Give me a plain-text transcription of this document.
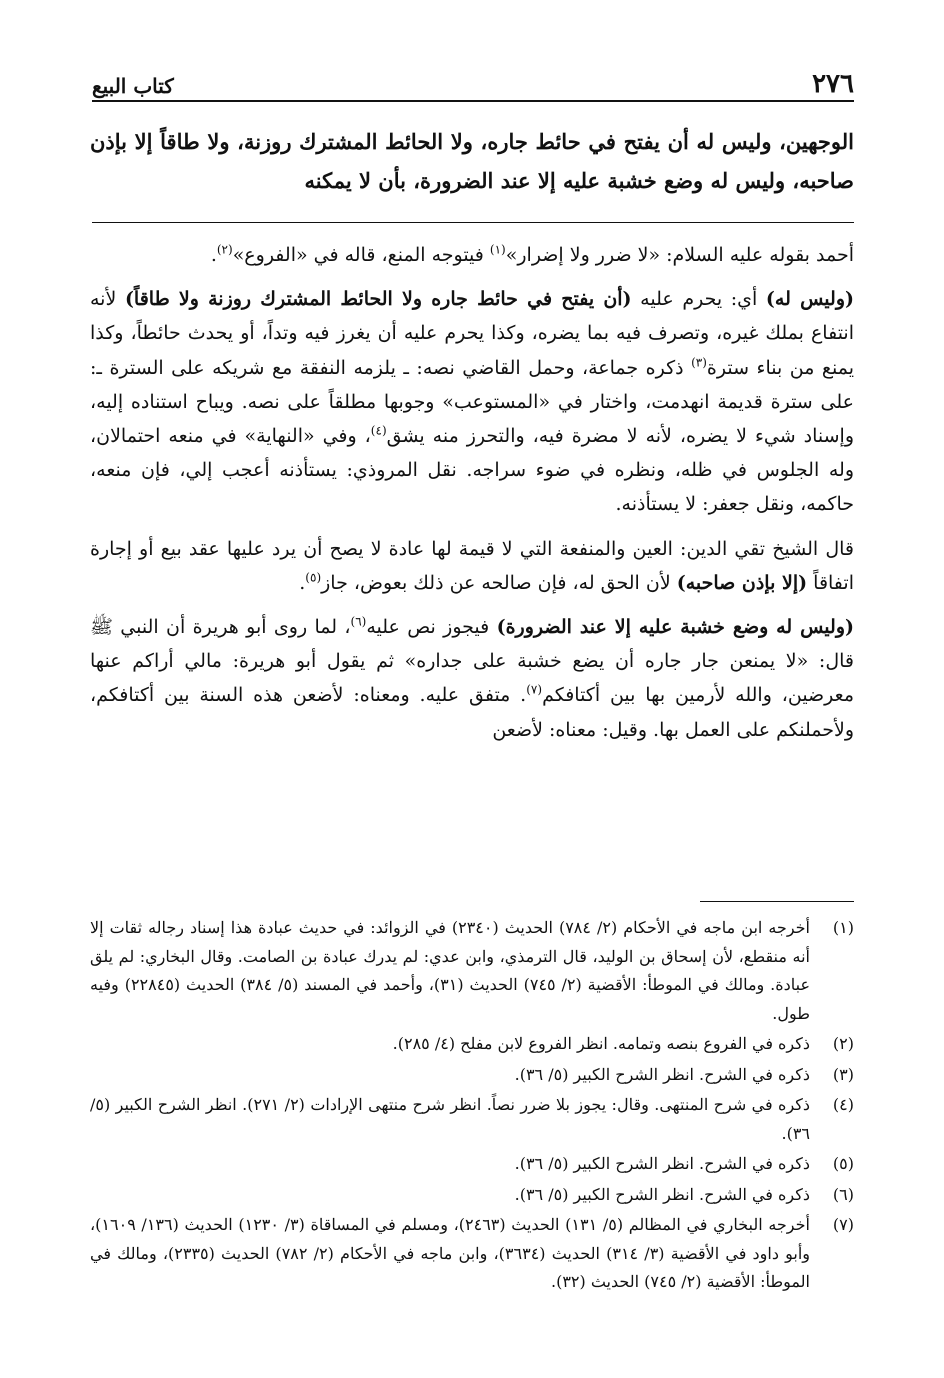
٢٧٦
كتاب البيع
الوجهين، وليس له أن يفتح في حائط جاره، ولا الحائط المشترك روزنة، ولا طاقاً إلا بإذن صاحبه، وليس له وضع خشبة عليه إلا عند الضرورة، بأن لا يمكنه

أحمد بقوله عليه السلام: «لا ضرر ولا إضرار»$^{(١)}$ فيتوجه المنع، قاله في «الفروع»$^{(٢)}$.

(وليس له) أي: يحرم عليه (أن يفتح في حائط جاره ولا الحائط المشترك روزنة ولا طاقاً) لأنه انتفاع بملك غيره، وتصرف فيه بما يضره، وكذا يحرم عليه أن يغرز فيه وتداً، أو يحدث حائطاً، وكذا يمنع من بناء سترة$^{(٣)}$ ذكره جماعة، وحمل القاضي نصه: ـ يلزمه النفقة مع شريكه على السترة ـ: على سترة قديمة انهدمت، واختار في «المستوعب» وجوبها مطلقاً على نصه. ويباح استناده إليه، وإسناد شيء لا يضره، لأنه لا مضرة فيه، والتحرز منه يشق$^{(٤)}$، وفي «النهاية» في منعه احتمالان، وله الجلوس في ظله، ونظره في ضوء سراجه. نقل المروذي: يستأذنه أعجب إلي، فإن منعه، حاكمه، ونقل جعفر: لا يستأذنه.

قال الشيخ تقي الدين: العين والمنفعة التي لا قيمة لها عادة لا يصح أن يرد عليها عقد بيع أو إجارة اتفاقاً (إلا بإذن صاحبه) لأن الحق له، فإن صالحه عن ذلك بعوض، جاز$^{(٥)}$.

(وليس له وضع خشبة عليه إلا عند الضرورة) فيجوز نص عليه$^{(٦)}$، لما روى أبو هريرة أن النبي ﷺ قال: «لا يمنعن جار جاره أن يضع خشبة على جداره» ثم يقول أبو هريرة: مالي أراكم عنها معرضين، والله لأرمين بها بين أكتافكم$^{(٧)}$. متفق عليه. ومعناه: لأضعن هذه السنة بين أكتافكم، ولأحملنكم على العمل بها. وقيل: معناه: لأضعن

(١)
أخرجه ابن ماجه في الأحكام (٢/ ٧٨٤) الحديث (٢٣٤٠) في الزوائد: في حديث عبادة هذا إسناد رجاله ثقات إلا أنه منقطع، لأن إسحاق بن الوليد، قال الترمذي، وابن عدي: لم يدرك عبادة بن الصامت. وقال البخاري: لم يلق عبادة. ومالك في الموطأ: الأقضية (٢/ ٧٤٥) الحديث (٣١)، وأحمد في المسند (٥/ ٣٨٤) الحديث (٢٢٨٤٥) وفيه طول.
(٢)
ذكره في الفروع بنصه وتمامه. انظر الفروع لابن مفلح (٤/ ٢٨٥).
(٣)
ذكره في الشرح. انظر الشرح الكبير (٥/ ٣٦).
(٤)
ذكره في شرح المنتهى. وقال: يجوز بلا ضرر نصاً. انظر شرح منتهى الإرادات (٢/ ٢٧١). انظر الشرح الكبير (٥/ ٣٦).
(٥)
ذكره في الشرح. انظر الشرح الكبير (٥/ ٣٦).
(٦)
ذكره في الشرح. انظر الشرح الكبير (٥/ ٣٦).
(٧)
أخرجه البخاري في المظالم (٥/ ١٣١) الحديث (٢٤٦٣)، ومسلم في المساقاة (٣/ ١٢٣٠) الحديث (١٣٦/ ١٦٠٩)، وأبو داود في الأقضية (٣/ ٣١٤) الحديث (٣٦٣٤)، وابن ماجه في الأحكام (٢/ ٧٨٢) الحديث (٢٣٣٥)، ومالك في الموطأ: الأقضية (٢/ ٧٤٥) الحديث (٣٢).
